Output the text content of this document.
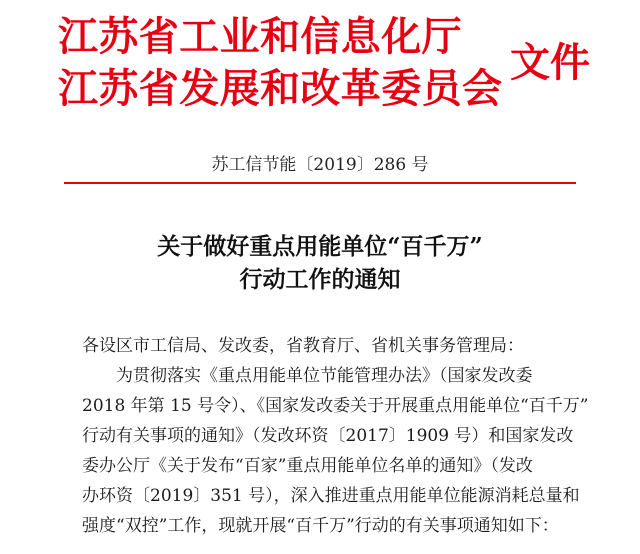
江苏省工业和信息化厅
江苏省发展和改革委员会
文件
苏工信节能〔2019〕286 号
关于做好重点用能单位“百千万”
行动工作的通知
各设区市工信局、发改委，省教育厅、省机关事务管理局：
为贯彻落实《重点用能单位节能管理办法》（国家发改委
2018 年第 15 号令）、《国家发改委关于开展重点用能单位“百千万”
行动有关事项的通知》（发改环资〔2017〕1909 号）和国家发改
委办公厅《关于发布“百家”重点用能单位名单的通知》（发改
办环资〔2019〕351 号），深入推进重点用能单位能源消耗总量和
强度“双控”工作，现就开展“百千万”行动的有关事项通知如下：
